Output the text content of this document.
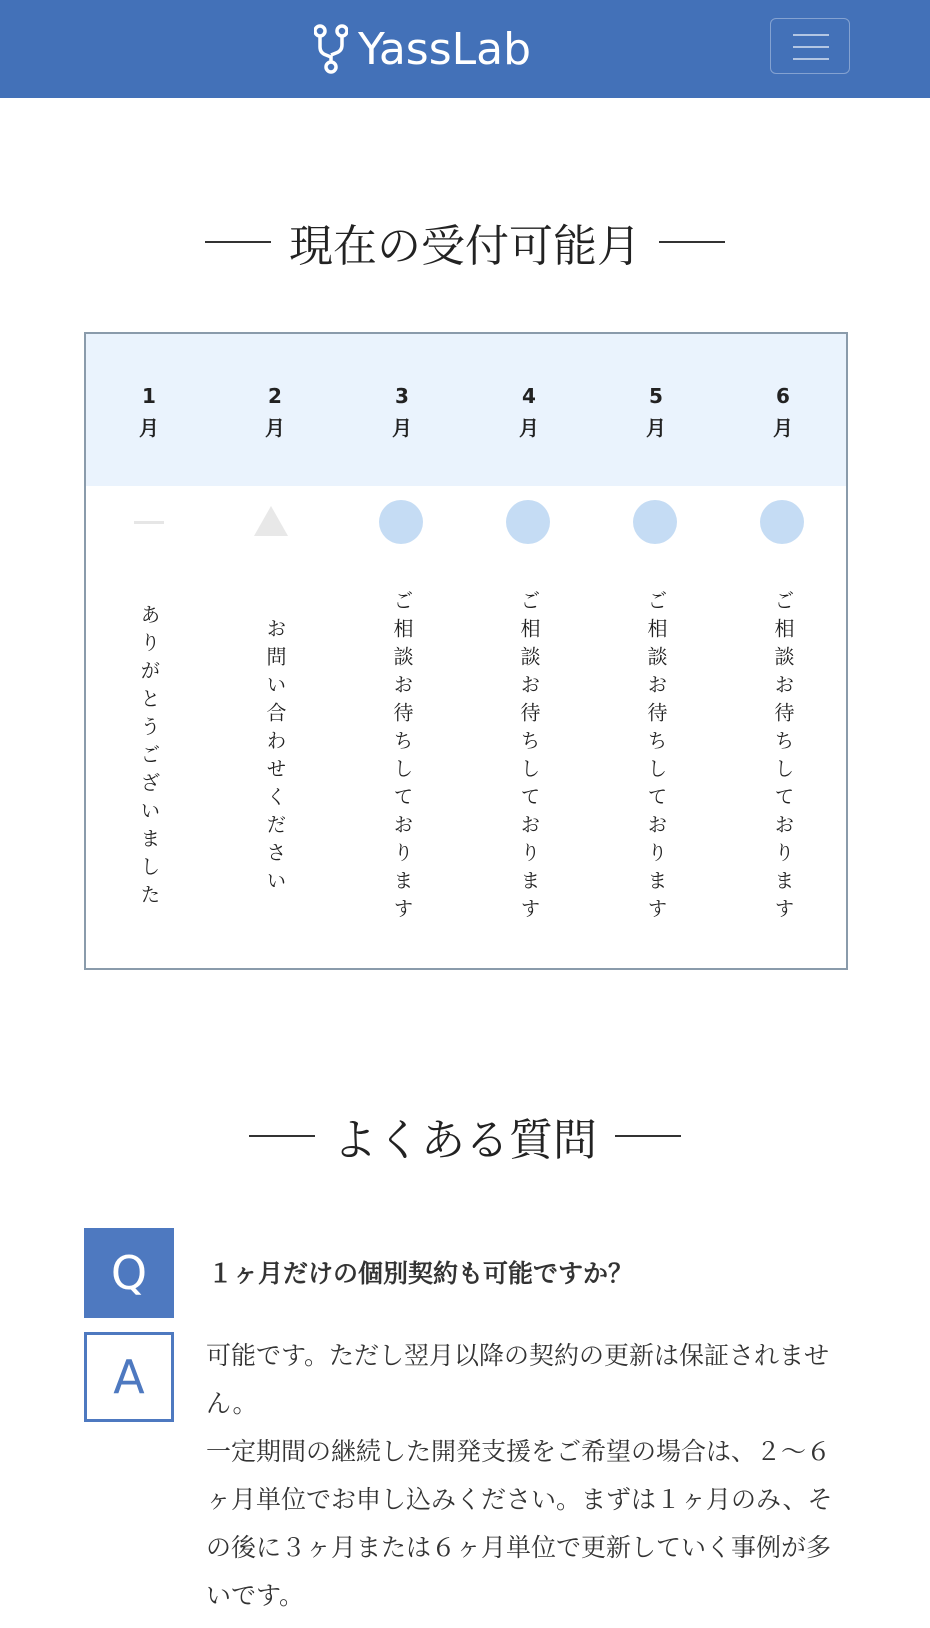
YassLab
現在の受付可能月
1
月
ありがとうございました
2
月
お問い合わせください
3
月
ご相談お待ちしております
4
月
ご相談お待ちしております
5
月
ご相談お待ちしております
6
月
ご相談お待ちしております
よくある質問
Q	１ヶ月だけの個別契約も可能ですか？
A	可能です。ただし翌月以降の契約の更新は保証されません。

一定期間の継続した開発支援をご希望の場合は、２〜６ヶ月単位でお申し込みください。まずは１ヶ月のみ、その後に３ヶ月または６ヶ月単位で更新していく事例が多いです。
